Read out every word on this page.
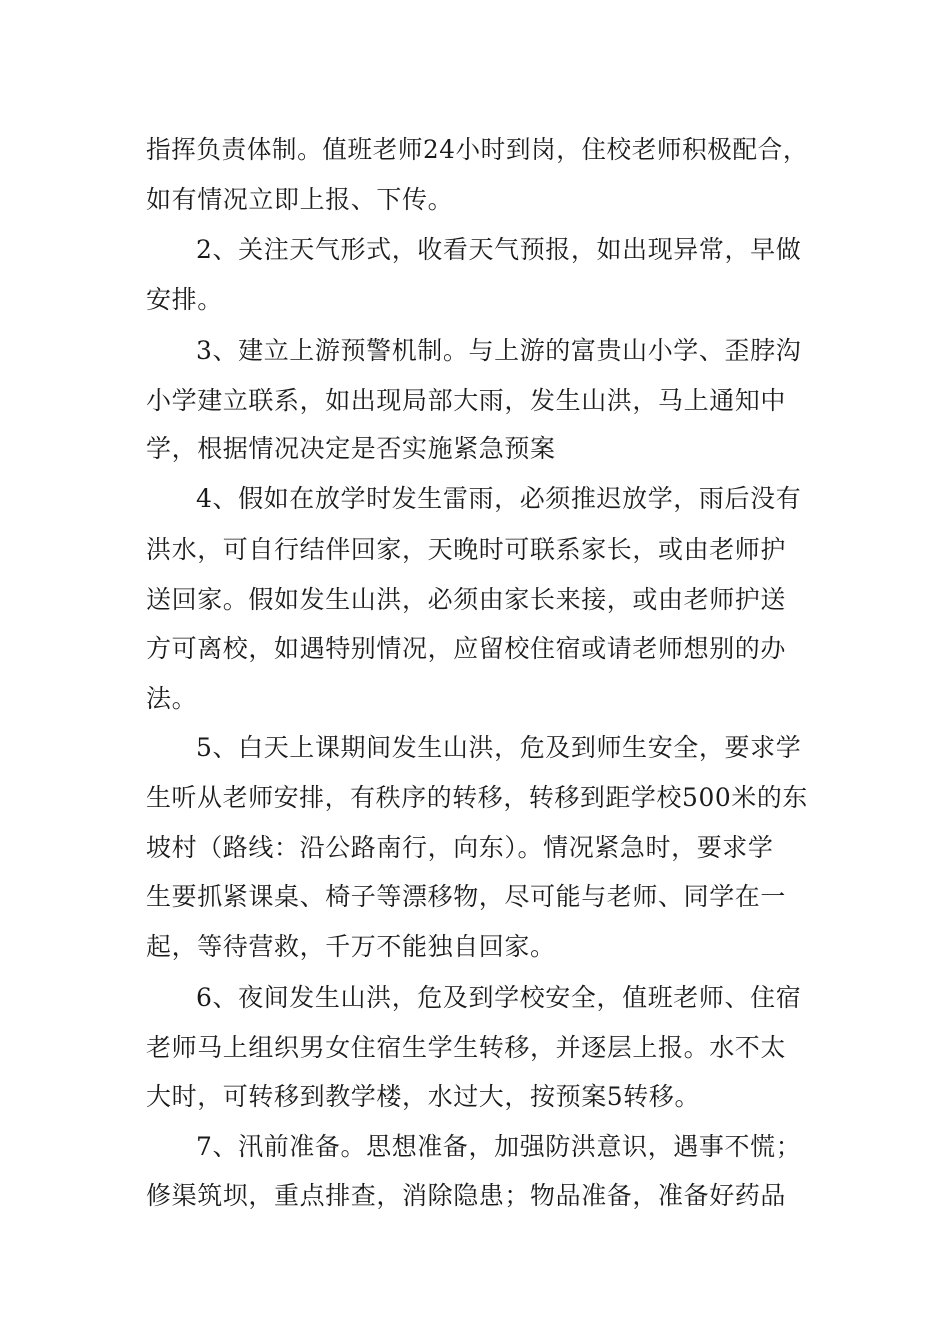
指挥负责体制。值班老师24小时到岗，住校老师积极配合，
如有情况立即上报、下传。
2、关注天气形式，收看天气预报，如出现异常，早做
安排。
3、建立上游预警机制。与上游的富贵山小学、歪脖沟
小学建立联系，如出现局部大雨，发生山洪，马上通知中
学，根据情况决定是否实施紧急预案
4、假如在放学时发生雷雨，必须推迟放学，雨后没有
洪水，可自行结伴回家，天晚时可联系家长，或由老师护
送回家。假如发生山洪，必须由家长来接，或由老师护送
方可离校，如遇特别情况，应留校住宿或请老师想别的办
法。
5、白天上课期间发生山洪，危及到师生安全，要求学
生听从老师安排，有秩序的转移，转移到距学校500米的东
坡村（路线：沿公路南行，向东）。情况紧急时，要求学
生要抓紧课桌、椅子等漂移物，尽可能与老师、同学在一
起，等待营救，千万不能独自回家。
6、夜间发生山洪，危及到学校安全，值班老师、住宿
老师马上组织男女住宿生学生转移，并逐层上报。水不太
大时，可转移到教学楼，水过大，按预案5转移。
7、汛前准备。思想准备，加强防洪意识，遇事不慌；
修渠筑坝，重点排查，消除隐患；物品准备，准备好药品
